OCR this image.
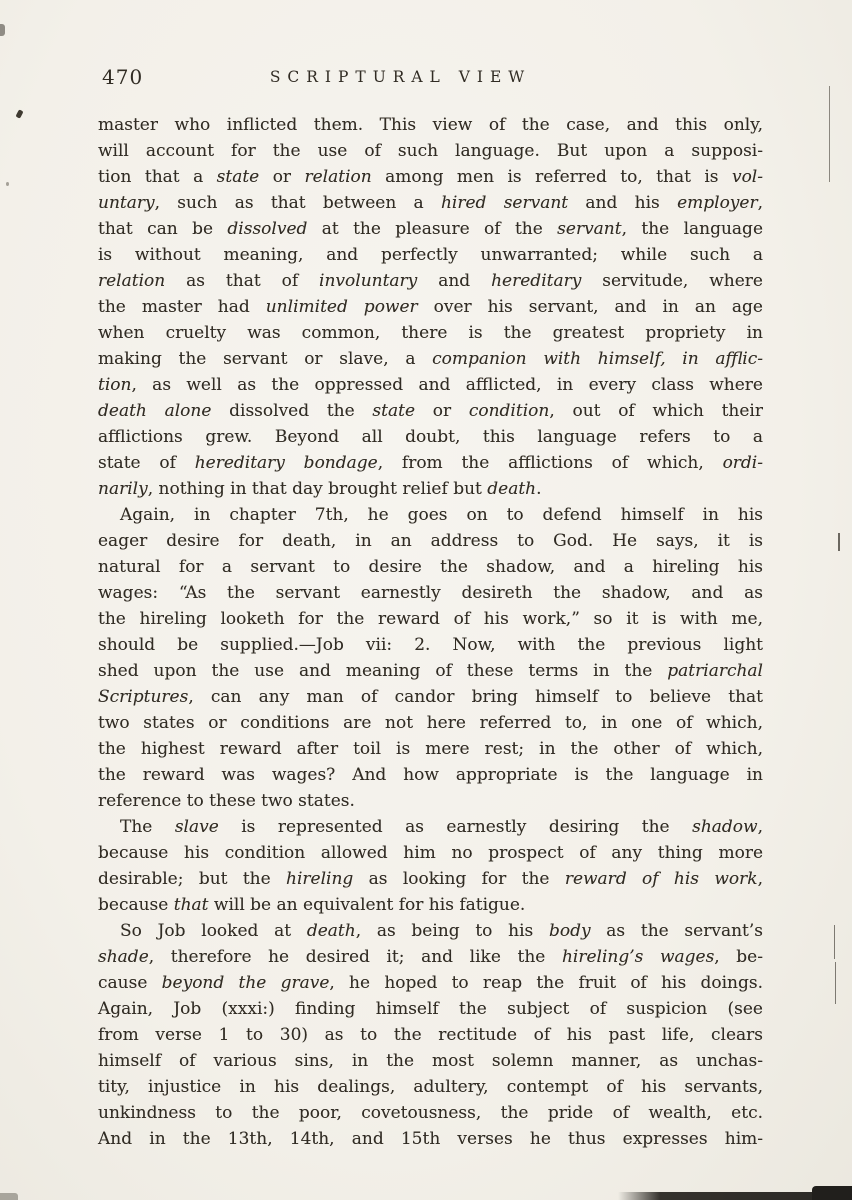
470	SCRIPTURAL VIEW
master who inflicted them. This view of the case, and this only,
will account for the use of such language. But upon a supposi-
tion that a state or relation among men is referred to, that is vol-
untary, such as that between a hired servant and his employer,
that can be dissolved at the pleasure of the servant, the language
is without meaning, and perfectly unwarranted; while such a
relation as that of involuntary and hereditary servitude, where
the master had unlimited power over his servant, and in an age
when cruelty was common, there is the greatest propriety in
making the servant or slave, a companion with himself, in afflic-
tion, as well as the oppressed and afflicted, in every class where
death alone dissolved the state or condition, out of which their
afflictions grew. Beyond all doubt, this language refers to a
state of hereditary bondage, from the afflictions of which, ordi-
narily, nothing in that day brought relief but death.
Again, in chapter 7th, he goes on to defend himself in his
eager desire for death, in an address to God. He says, it is
natural for a servant to desire the shadow, and a hireling his
wages: “As the servant earnestly desireth the shadow, and as
the hireling looketh for the reward of his work,” so it is with me,
should be supplied.—Job vii: 2. Now, with the previous light
shed upon the use and meaning of these terms in the patriarchal
Scriptures, can any man of candor bring himself to believe that
two states or conditions are not here referred to, in one of which,
the highest reward after toil is mere rest; in the other of which,
the reward was wages? And how appropriate is the language in
reference to these two states.
The slave is represented as earnestly desiring the shadow,
because his condition allowed him no prospect of any thing more
desirable; but the hireling as looking for the reward of his work,
because that will be an equivalent for his fatigue.
So Job looked at death, as being to his body as the servant’s
shade, therefore he desired it; and like the hireling’s wages, be-
cause beyond the grave, he hoped to reap the fruit of his doings.
Again, Job (xxxi:) finding himself the subject of suspicion (see
from verse 1 to 30) as to the rectitude of his past life, clears
himself of various sins, in the most solemn manner, as unchas-
tity, injustice in his dealings, adultery, contempt of his servants,
unkindness to the poor, covetousness, the pride of wealth, etc.
And in the 13th, 14th, and 15th verses he thus expresses him-
